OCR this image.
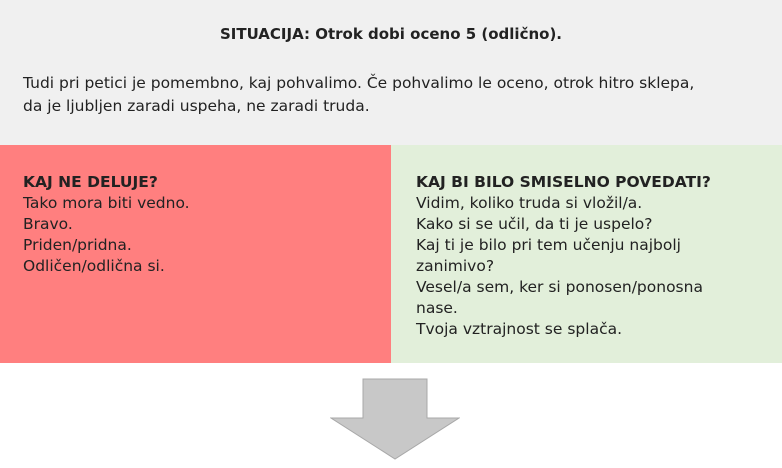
SITUACIJA: Otrok dobi oceno 5 (odlično).
Tudi pri petici je pomembno, kaj pohvalimo. Če pohvalimo le oceno, otrok hitro sklepa,
da je ljubljen zaradi uspeha, ne zaradi truda.
KAJ NE DELUJE?
Tako mora biti vedno.
Bravo.
Priden/pridna.
Odličen/odlična si.
KAJ BI BILO SMISELNO POVEDATI?
Vidim, koliko truda si vložil/a.
Kako si se učil, da ti je uspelo?
Kaj ti je bilo pri tem učenju najbolj
zanimivo?
Vesel/a sem, ker si ponosen/ponosna
nase.
Tvoja vztrajnost se splača.
